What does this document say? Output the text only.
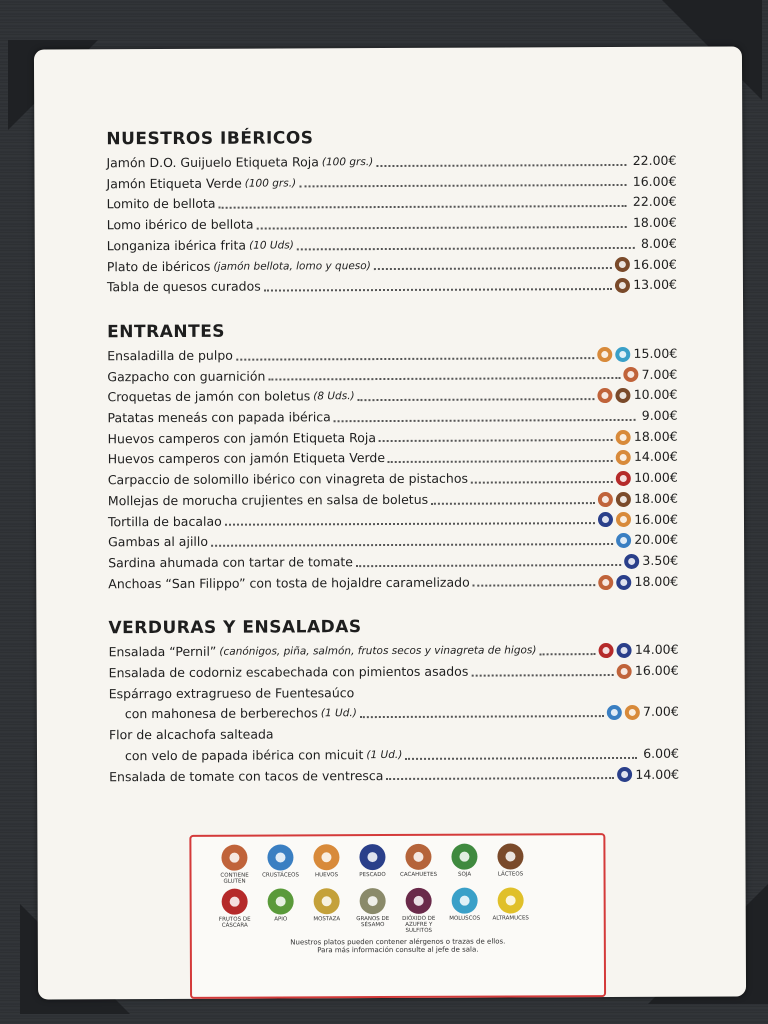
NUESTROS IBÉRICOS
Jamón D.O. Guijuelo Etiqueta Roja (100 grs.)	22.00€
Jamón Etiqueta Verde (100 grs.)	16.00€
Lomito de bellota	22.00€
Lomo ibérico de bellota	18.00€
Longaniza ibérica frita (10 Uds)	8.00€
Plato de ibéricos (jamón bellota, lomo y queso)	16.00€
Tabla de quesos curados	13.00€
ENTRANTES
Ensaladilla de pulpo	15.00€
Gazpacho con guarnición	7.00€
Croquetas de jamón con boletus (8 Uds.)	10.00€
Patatas meneás con papada ibérica	9.00€
Huevos camperos con jamón Etiqueta Roja	18.00€
Huevos camperos con jamón Etiqueta Verde	14.00€
Carpaccio de solomillo ibérico con vinagreta de pistachos	10.00€
Mollejas de morucha crujientes en salsa de boletus	18.00€
Tortilla de bacalao	16.00€
Gambas al ajillo	20.00€
Sardina ahumada con tartar de tomate	3.50€
Anchoas “San Filippo” con tosta de hojaldre caramelizado	18.00€
VERDURAS Y ENSALADAS
Ensalada “Pernil” (canónigos, piña, salmón, frutos secos y vinagreta de higos)	14.00€
Ensalada de codorniz escabechada con pimientos asados	16.00€
Espárrago extragrueso de Fuentesaúco
con mahonesa de berberechos (1 Ud.)	7.00€
Flor de alcachofa salteada
con velo de papada ibérica con micuit (1 Ud.)	6.00€
Ensalada de tomate con tacos de ventresca	14.00€
CONTIENE GLUTEN
CRUSTÁCEOS	HUEVOS	PESCADO	CACAHUETES	SOJA	LÁCTEOS
FRUTOS DE CÁSCARA
APIO	MOSTAZA	GRANOS DE SÉSAMO
DIÓXIDO DE AZUFRE Y SULFITOS
MOLUSCOS ALTRAMUCES
Nuestros platos pueden contener alérgenos o trazas de ellos.
Para más información consulte al jefe de sala.
